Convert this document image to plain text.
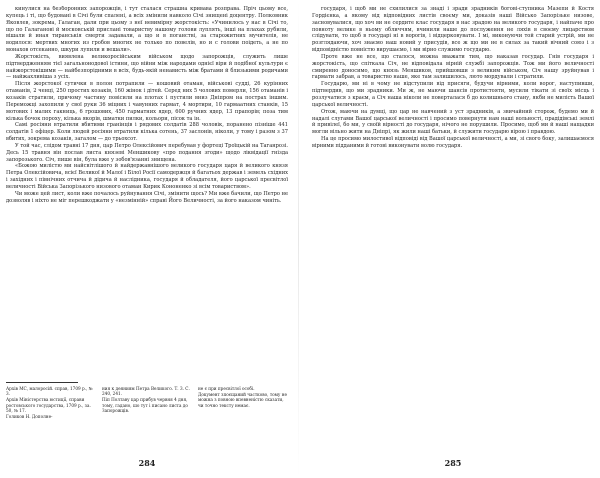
кинулися на безборонних запорожців, і тут сталася страшна кривава розправа. Пріч цьому все, купець і ті, що будовані в Січі були спалені, а всіх змінили навколо Січі знищені доцентру. Полковник Яковлев, зокрема, Галаган, дали при цьому з неї невимірну жорстокість: «Учинилось у нас в Січі то, що по Галаганові й московській прислані товариству нашому голови луплять, інші на плахах рубили, вішали й иная тиранськія смерти задавали, а що и в поганстві, за старожитних мучителів, не водилося: мертвих многих из гробов многих не только по повелів, но и с голови поідеть, а не по монахов отсеканно, шкури лупили и вешали».

Жорстокість, виявлена великоросійським військом щодо запорожців, служить лише підтвердженням тієї загальнонодової істини, що війни між народами однієї віри й подібної культури є найжорстокішими — найбезпорідними в всіх, будь-якій ненависть між братами й близькими родичами — найжахливіша з усіх.

Після жорстокої сутички в полон потрапили — кошовий отаман, військові судді, 26 курінних отаманів, 2 ченці, 250 простих козаків, 160 жінок і дітей. Серед них 5 чолових померли, 156 отаманів і козаків стратили, причому частину повісили на плотах і пустили вниз Дніпром на пострах іншим. Переможці захопили у свої руки 36 міцних і чавунних гармат, 4 мортири, 10 гармаатних станків, 15 мотових і малих гакниць, 6 грошових, 450 гарматних ядер, 600 ручних ядер, 13 прапорів; поза тим кілька бочок пороху, кілька якорів, шматки пилки, кольори, пісок та ін.

Самі росіяни втратили вбитими гранінців і рядових солдатів 288 чоловік, поранено пізніше 441 солдатів 1 офіцер. Коли людей росіяни втратили кілька сотень, 37 заслонів, ніколи, у тому і разом з 37 вбитих, зокрема козаків, загалом — до трьохсот.

У той час, слідом травні 17 дня, цар Петро Олексійович перебував у фортеці Троїцькій на Таганрозі. Десь 15 травня він послав листа князеві Меншикову «про подання згоди» щодо ліквідації гнізда запорозького. Січ, пише він, була вже у зобов'язанні знищена.

«Божою милістю ми найсвітлішого й найдержавнішого великого государя царя й великого князя Петра Олексійовича, всієї Великої й Малої і Білої Росії самодержця й багатьох держав і земель східних і західних і північних отчича й дідича й наслідника, государя й обладателя, його царської пресвітлої величності Війська Запорізького низового отаман Кирик Кононенко зі всім товариством».

Чи може цей лист, коли вже почалось руйнування Січі, змінити щось? Ми вже бачили, що Петро не дозволяв і ніхто не міг перешкоджати у «незмінній» справі Його Величності, за його наказом чиніть.

Архів МС, малоросій. справ, 1709 р., № 3.

Архів Міністерства юстиції, справи ростовського государства, 1709 р., за. 50, № 17.

Голиков Н. Дополне-

ния к деяниям Петра Великого. Т. 3. С. 240, 241.

Піп Полтаву цар прибув червня 4 дня, тому, гадано, шо тут і писано листа до Запорожців.

не є при пресвітлої особі.

Документ зпоєщаний частково, тому не можна з повною впевненістю сказати, чи точно тексту немає.

284

государя, і щоб ми не схилилися за знаді і зради зрадників богові-ступника Мазепи й Костя Гордієнка, а якому від відповідних листів своєму ми, доказів наші Військо Запорізьке низове, засновувалися, що хоч ви не сердите клас государя в нас зрадою на великого государя, і найпаче про повноту велике в ньому обличчям, вчинили наше до послуження не ляхів в своєму лицарством слідувати, то щоб в государі ні в ворогів, і відцерковувати. І мі, виконуючи той старий устрій, ми не розглядаючи, хоч знаємо наш новий у присудів, все ж що ми не в силах за такий вічний союз і з відповідністю повністю вирушаємо, і ми вірно служимо государю.

Проте вже не все, що сталося, можна вважати тим, що наказав государ. Гнів государя і жорстокість, що спіткала Січ, не відповідала вірній службі запорожців. Тож ми його величності смиренно доносимо, що князь Меншиков, прийшовши з великим військом, Січ нашу зруйнував і гармати забрав, а товариство наше, яке там залишилось, люто мордували і стратили.

Государю, ми ні в чому не відступили від присяги, будучи вірними, коли ворог, наступивши, підтвердив, що ми зрадники. Ми ж, не маючи шансів протистояти, мусили тікати зі своїх місць і розлучатися з краєм, а Січ наша ніколи не поверталася б до колишнього стану, якби не милість Вашої царської величності.

Отож, маючи на думці, що цар не навчений з уст зрадників, а звичайний сторож, будемо ми й надалі слугами Вашої царської величності і просимо повернути нам наші вольності, прадідівські землі й привілеї, бо ми, у своїй вірності до государя, нічого не порушили. Просимо, щоб ми й наші нащадки могли вільно жити на Дніпрі, як жили наші батьки, й служити государю вірою і правдою.

На це просимо милостивої відповіді від Вашої царської величності, а ми, зі свого боку, залишаємося вірними підданими й готові виконувати волю государя.

285
